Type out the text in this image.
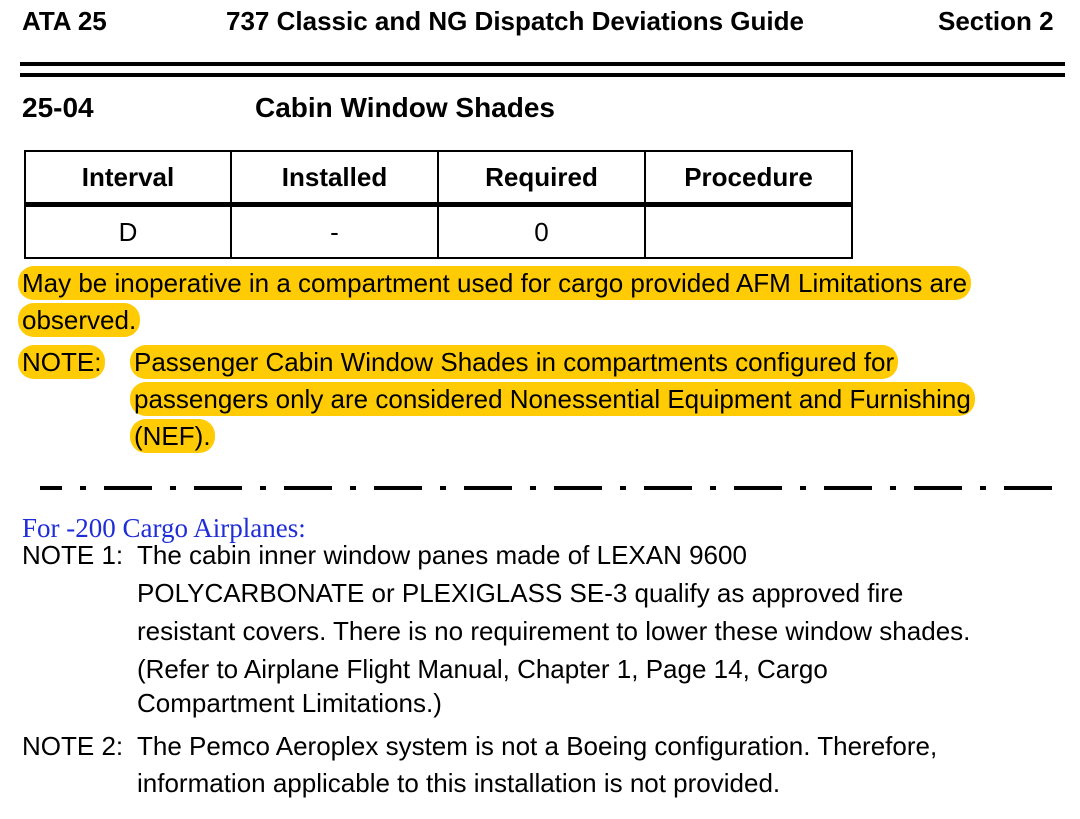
ATA 25	737 Classic and NG Dispatch Deviations Guide	Section 2
25-04	Cabin Window Shades
Interval	Installed	Required	Procedure
D	-	0	
May be inoperative in a compartment used for cargo provided AFM Limitations are
observed.
NOTE: Passenger Cabin Window Shades in compartments configured for
passengers only are considered Nonessential Equipment and Furnishing
(NEF).
For -200 Cargo Airplanes:
NOTE 1: The cabin inner window panes made of LEXAN 9600
POLYCARBONATE or PLEXIGLASS SE-3 qualify as approved fire
resistant covers. There is no requirement to lower these window shades.
(Refer to Airplane Flight Manual, Chapter 1, Page 14, Cargo
Compartment Limitations.)
NOTE 2: The Pemco Aeroplex system is not a Boeing configuration. Therefore,
information applicable to this installation is not provided.
